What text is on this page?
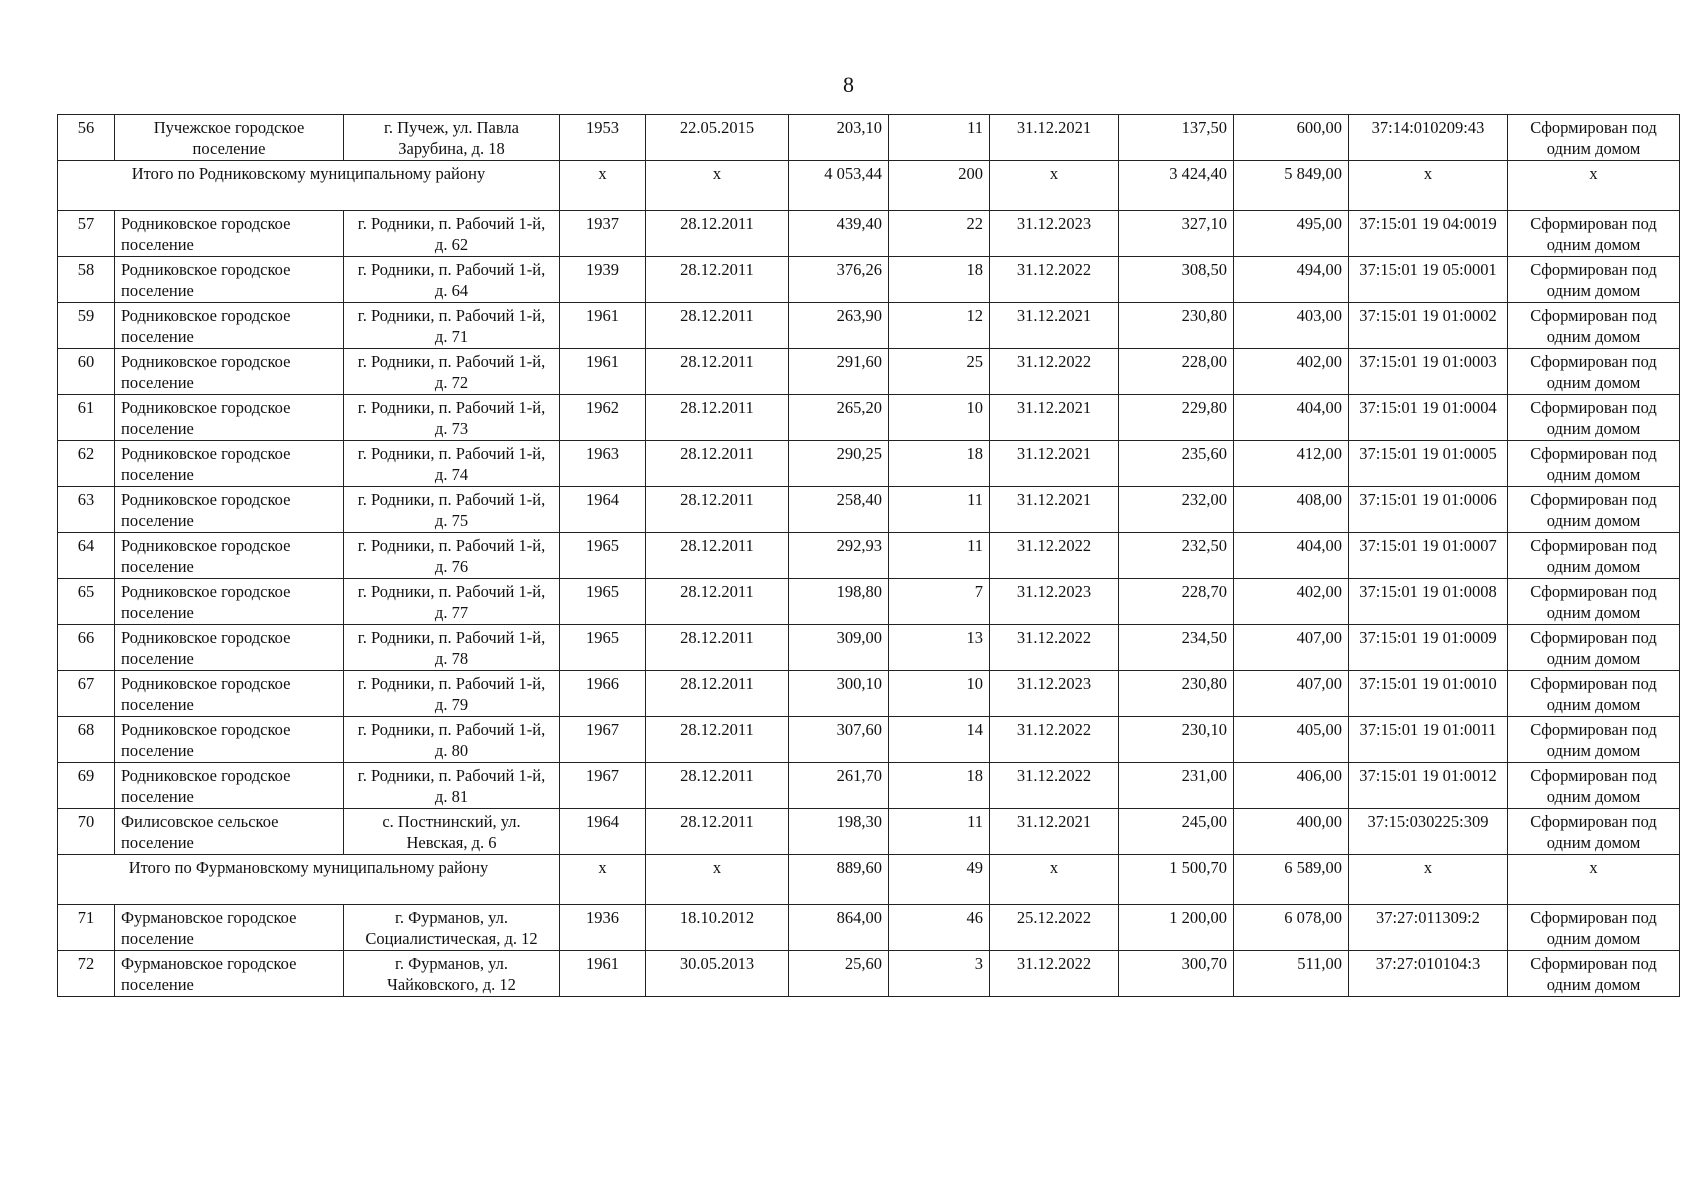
8
56	Пучежское городское поселение	г. Пучеж, ул. Павла Зарубина, д. 18	1953	22.05.2015	203,10	11	31.12.2021	137,50	600,00	37:14:010209:43	Сформирован под одним домом
Итого по Родниковскому муниципальному району			х	х	4 053,44	200	х	3 424,40	5 849,00	х	х
57	Родниковское городское поселение	г. Родники, п. Рабочий 1-й, д. 62	1937	28.12.2011	439,40	22	31.12.2023	327,10	495,00	37:15:01 19 04:0019	Сформирован под одним домом
58	Родниковское городское поселение	г. Родники, п. Рабочий 1-й, д. 64	1939	28.12.2011	376,26	18	31.12.2022	308,50	494,00	37:15:01 19 05:0001	Сформирован под одним домом
59	Родниковское городское поселение	г. Родники, п. Рабочий 1-й, д. 71	1961	28.12.2011	263,90	12	31.12.2021	230,80	403,00	37:15:01 19 01:0002	Сформирован под одним домом
60	Родниковское городское поселение	г. Родники, п. Рабочий 1-й, д. 72	1961	28.12.2011	291,60	25	31.12.2022	228,00	402,00	37:15:01 19 01:0003	Сформирован под одним домом
61	Родниковское городское поселение	г. Родники, п. Рабочий 1-й, д. 73	1962	28.12.2011	265,20	10	31.12.2021	229,80	404,00	37:15:01 19 01:0004	Сформирован под одним домом
62	Родниковское городское поселение	г. Родники, п. Рабочий 1-й, д. 74	1963	28.12.2011	290,25	18	31.12.2021	235,60	412,00	37:15:01 19 01:0005	Сформирован под одним домом
63	Родниковское городское поселение	г. Родники, п. Рабочий 1-й, д. 75	1964	28.12.2011	258,40	11	31.12.2021	232,00	408,00	37:15:01 19 01:0006	Сформирован под одним домом
64	Родниковское городское поселение	г. Родники, п. Рабочий 1-й, д. 76	1965	28.12.2011	292,93	11	31.12.2022	232,50	404,00	37:15:01 19 01:0007	Сформирован под одним домом
65	Родниковское городское поселение	г. Родники, п. Рабочий 1-й, д. 77	1965	28.12.2011	198,80	7	31.12.2023	228,70	402,00	37:15:01 19 01:0008	Сформирован под одним домом
66	Родниковское городское поселение	г. Родники, п. Рабочий 1-й, д. 78	1965	28.12.2011	309,00	13	31.12.2022	234,50	407,00	37:15:01 19 01:0009	Сформирован под одним домом
67	Родниковское городское поселение	г. Родники, п. Рабочий 1-й, д. 79	1966	28.12.2011	300,10	10	31.12.2023	230,80	407,00	37:15:01 19 01:0010	Сформирован под одним домом
68	Родниковское городское поселение	г. Родники, п. Рабочий 1-й, д. 80	1967	28.12.2011	307,60	14	31.12.2022	230,10	405,00	37:15:01 19 01:0011	Сформирован под одним домом
69	Родниковское городское поселение	г. Родники, п. Рабочий 1-й, д. 81	1967	28.12.2011	261,70	18	31.12.2022	231,00	406,00	37:15:01 19 01:0012	Сформирован под одним домом
70	Филисовское сельское поселение	с. Постнинский, ул. Невская, д. 6	1964	28.12.2011	198,30	11	31.12.2021	245,00	400,00	37:15:030225:309	Сформирован под одним домом
Итого по Фурмановскому муниципальному району			х	х	889,60	49	х	1 500,70	6 589,00	х	х
71	Фурмановское городское поселение	г. Фурманов, ул. Социалистическая, д. 12	1936	18.10.2012	864,00	46	25.12.2022	1 200,00	6 078,00	37:27:011309:2	Сформирован под одним домом
72	Фурмановское городское поселение	г. Фурманов, ул. Чайковского, д. 12	1961	30.05.2013	25,60	3	31.12.2022	300,70	511,00	37:27:010104:3	Сформирован под одним домом
